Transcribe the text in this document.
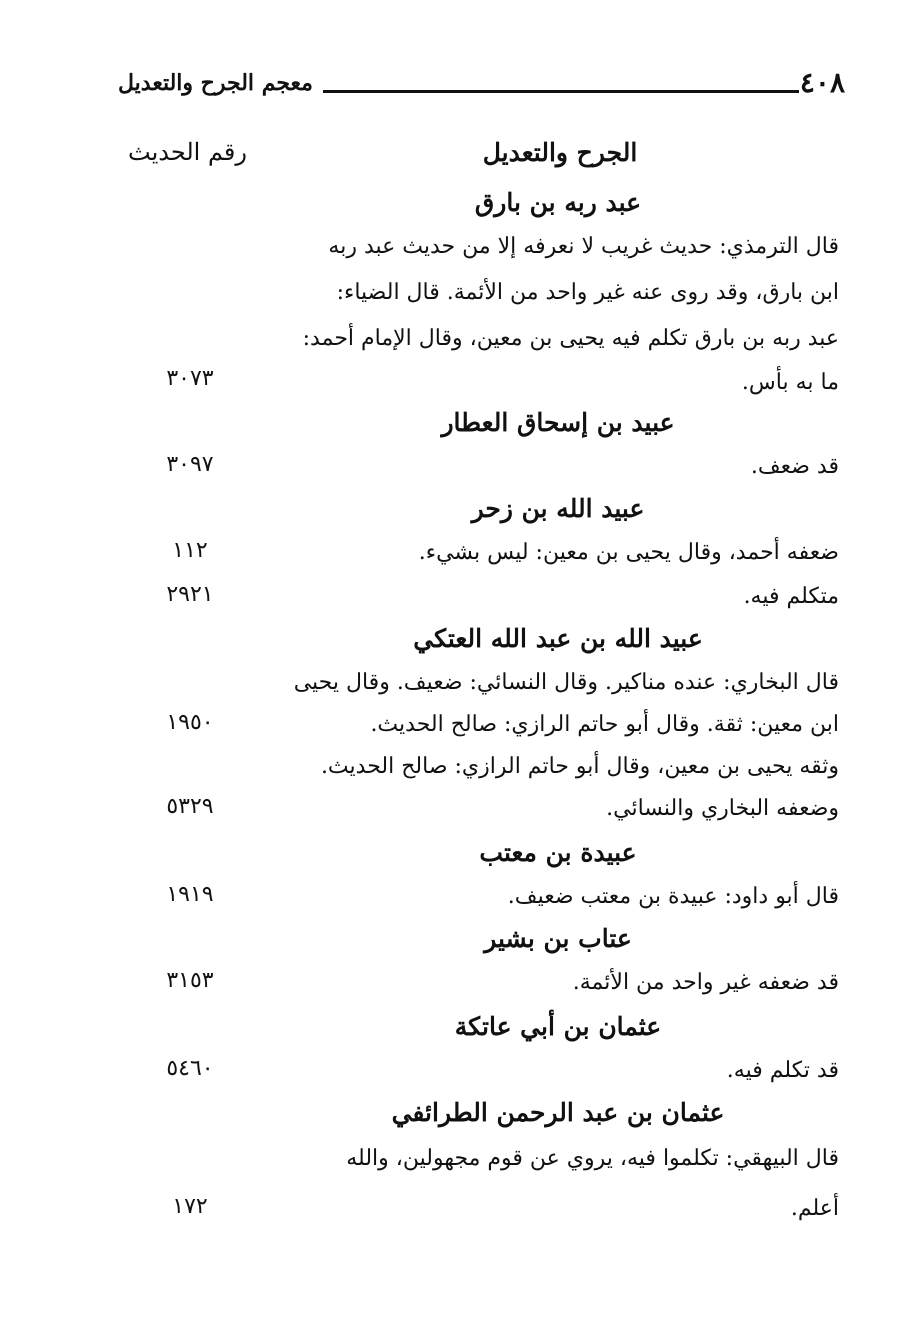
٤٠٨
معجم الجرح والتعديل
الجرح والتعديل
رقم الحديث
عبد ربه بن بارق
قال الترمذي: حديث غريب لا نعرفه إلا من حديث عبد ربه
ابن بارق، وقد روى عنه غير واحد من الأئمة. قال الضياء:
عبد ربه بن بارق تكلم فيه يحيى بن معين، وقال الإمام أحمد:
ما به بأس.
٣٠٧٣
عبيد بن إسحاق العطار
قد ضعف.
٣٠٩٧
عبيد الله بن زحر
ضعفه أحمد، وقال يحيى بن معين: ليس بشيء.
١١٢
متكلم فيه.
٢٩٢١
عبيد الله بن عبد الله العتكي
قال البخاري: عنده مناكير. وقال النسائي: ضعيف. وقال يحيى
ابن معين: ثقة. وقال أبو حاتم الرازي: صالح الحديث.
١٩٥٠
وثقه يحيى بن معين، وقال أبو حاتم الرازي: صالح الحديث.
وضعفه البخاري والنسائي.
٥٣٢٩
عبيدة بن معتب
قال أبو داود: عبيدة بن معتب ضعيف.
١٩١٩
عتاب بن بشير
قد ضعفه غير واحد من الأئمة.
٣١٥٣
عثمان بن أبي عاتكة
قد تكلم فيه.
٥٤٦٠
عثمان بن عبد الرحمن الطرائفي
قال البيهقي: تكلموا فيه، يروي عن قوم مجهولين، والله
أعلم.
١٧٢
